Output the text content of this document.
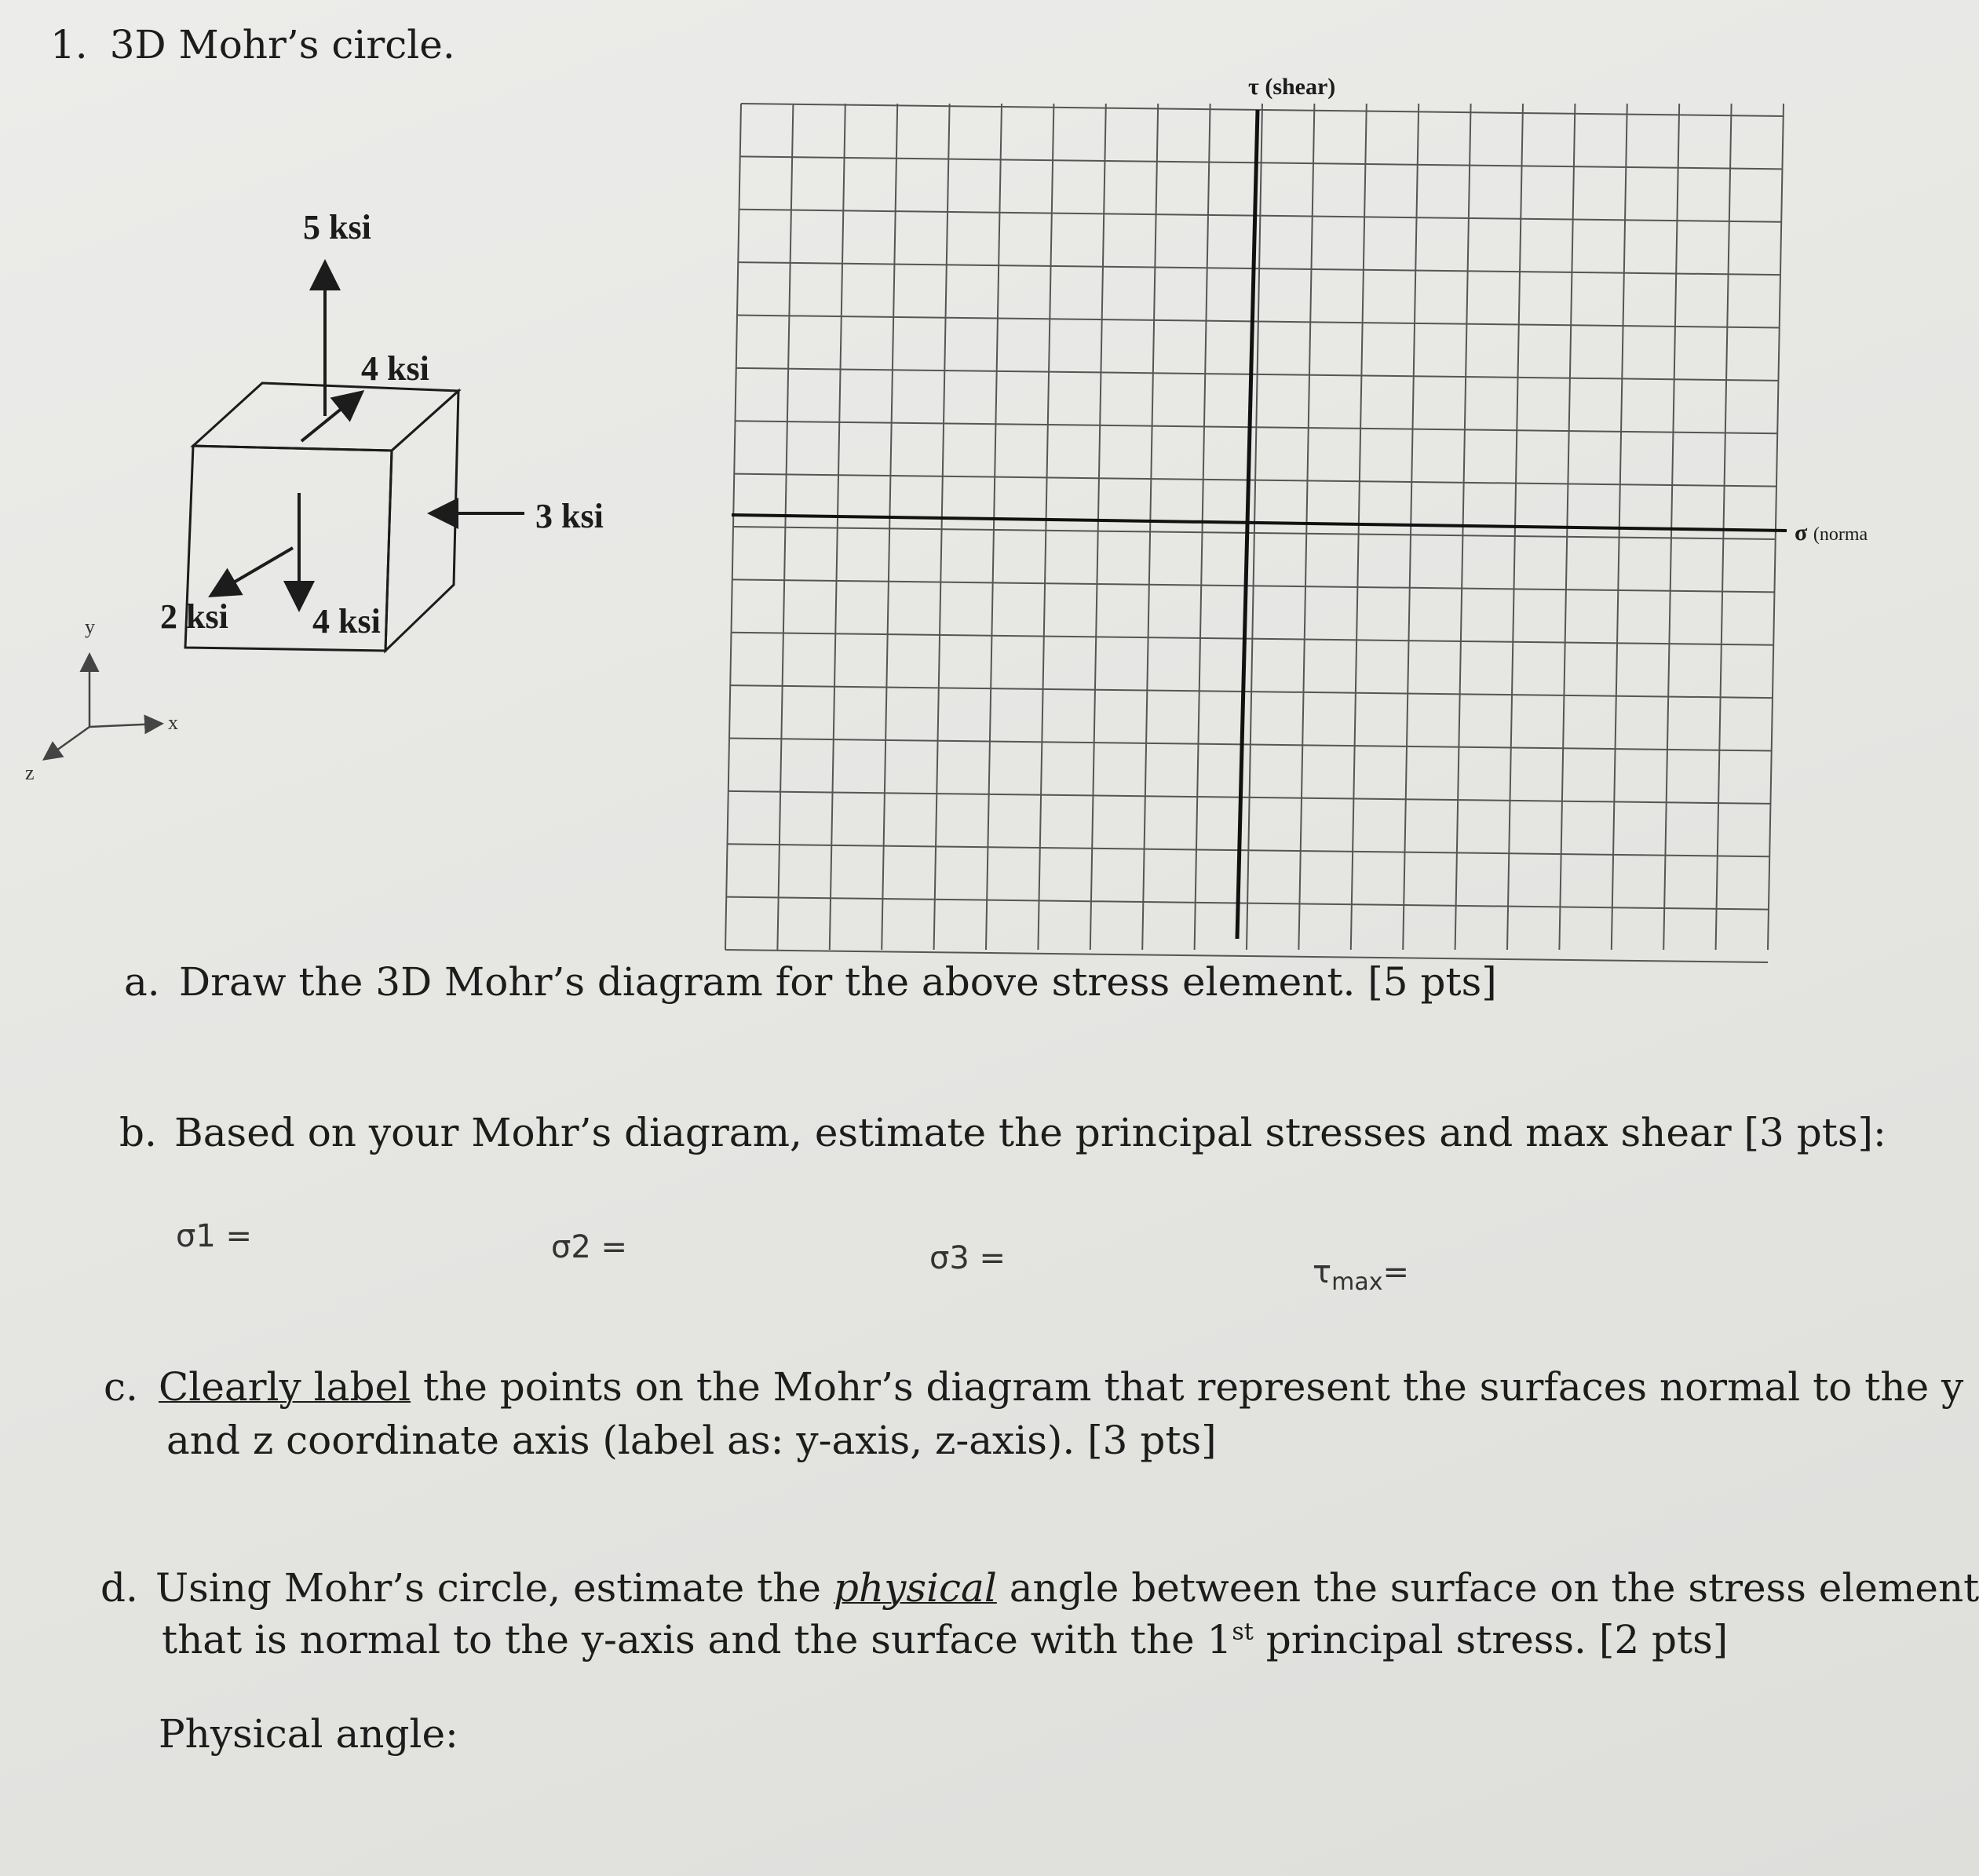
1. 3D Mohr’s circle.
5 ksi
4 ksi
3 ksi
2 ksi 4 ksi
y
x
z
τ (shear)
σ (norma
a. Draw the 3D Mohr’s diagram for the above stress element. [5 pts]
b. Based on your Mohr’s diagram, estimate the principal stresses and max shear [3 pts]:
σ1 =	σ2 =	σ3 =	$\tau_{max}=$
c. Clearly label the points on the Mohr’s diagram that represent the surfaces normal to the y
and z coordinate axis (label as: y-axis, z-axis). [3 pts]
d. Using Mohr’s circle, estimate the physical angle between the surface on the stress element
that is normal to the y-axis and the surface with the 1st principal stress. [2 pts]
Physical angle:
